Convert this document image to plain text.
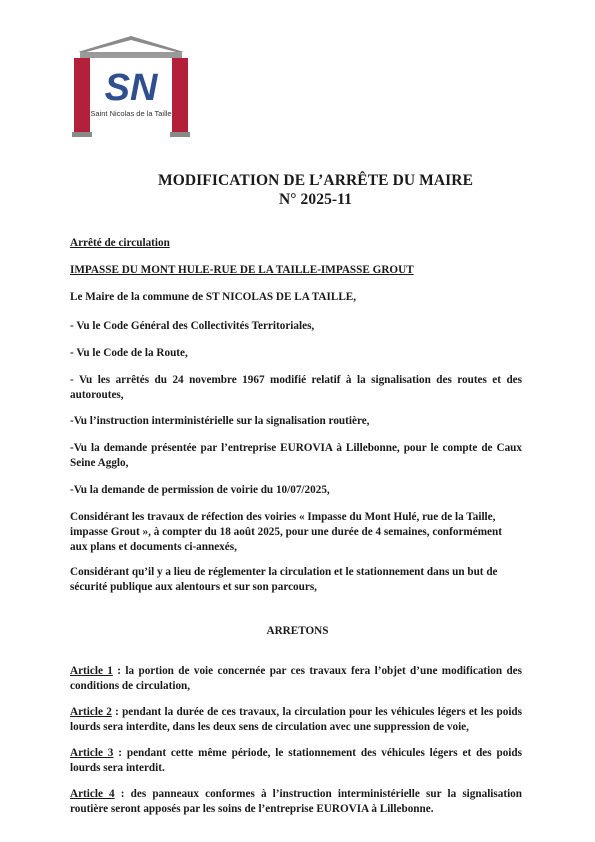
SN
Saint Nicolas de la Taille
MODIFICATION DE L’ARRÊTE DU MAIRE
N° 2025-11
Arrêté de circulation
IMPASSE DU MONT HULE-RUE DE LA TAILLE-IMPASSE GROUT
Le Maire de la commune de ST NICOLAS DE LA TAILLE,
- Vu le Code Général des Collectivités Territoriales,
- Vu le Code de la Route,
- Vu les arrêtés du 24 novembre 1967 modifié relatif à la signalisation des routes et des autoroutes,
-Vu l’instruction interministérielle sur la signalisation routière,
-Vu la demande présentée par l’entreprise EUROVIA à Lillebonne, pour le compte de Caux Seine Agglo,
-Vu la demande de permission de voirie du 10/07/2025,
Considérant les travaux de réfection des voiries « Impasse du Mont Hulé, rue de la Taille, impasse Grout », à compter du 18 août 2025, pour une durée de 4 semaines, conformément aux plans et documents ci-annexés,
Considérant qu’il y a lieu de réglementer la circulation et le stationnement dans un but de sécurité publique aux alentours et sur son parcours,
ARRETONS
Article 1 : la portion de voie concernée par ces travaux fera l’objet d’une modification des conditions de circulation,
Article 2 : pendant la durée de ces travaux, la circulation pour les véhicules légers et les poids lourds sera interdite, dans les deux sens de circulation avec une suppression de voie,
Article 3 : pendant cette même période, le stationnement des véhicules légers et des poids lourds sera interdit.
Article 4 : des panneaux conformes à l’instruction interministérielle sur la signalisation routière seront apposés par les soins de l’entreprise EUROVIA à Lillebonne.
